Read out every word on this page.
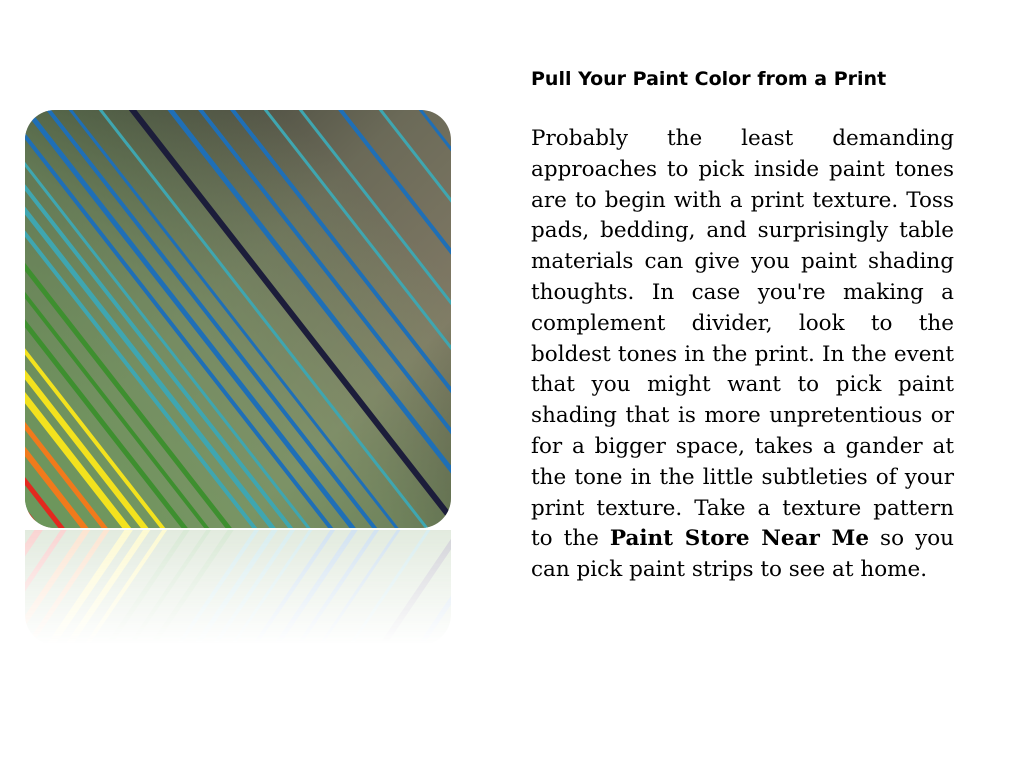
Pull Your Paint Color from a Print

Probably the least demanding approaches to pick inside paint tones are to begin with a print texture. Toss pads, bedding, and surprisingly table materials can give you paint shading thoughts. In case you're making a complement divider, look to the boldest tones in the print. In the event that you might want to pick paint shading that is more unpretentious or for a bigger space, takes a gander at the tone in the little subtleties of your print texture. Take a texture pattern to the Paint Store Near Me so you can pick paint strips to see at home.
